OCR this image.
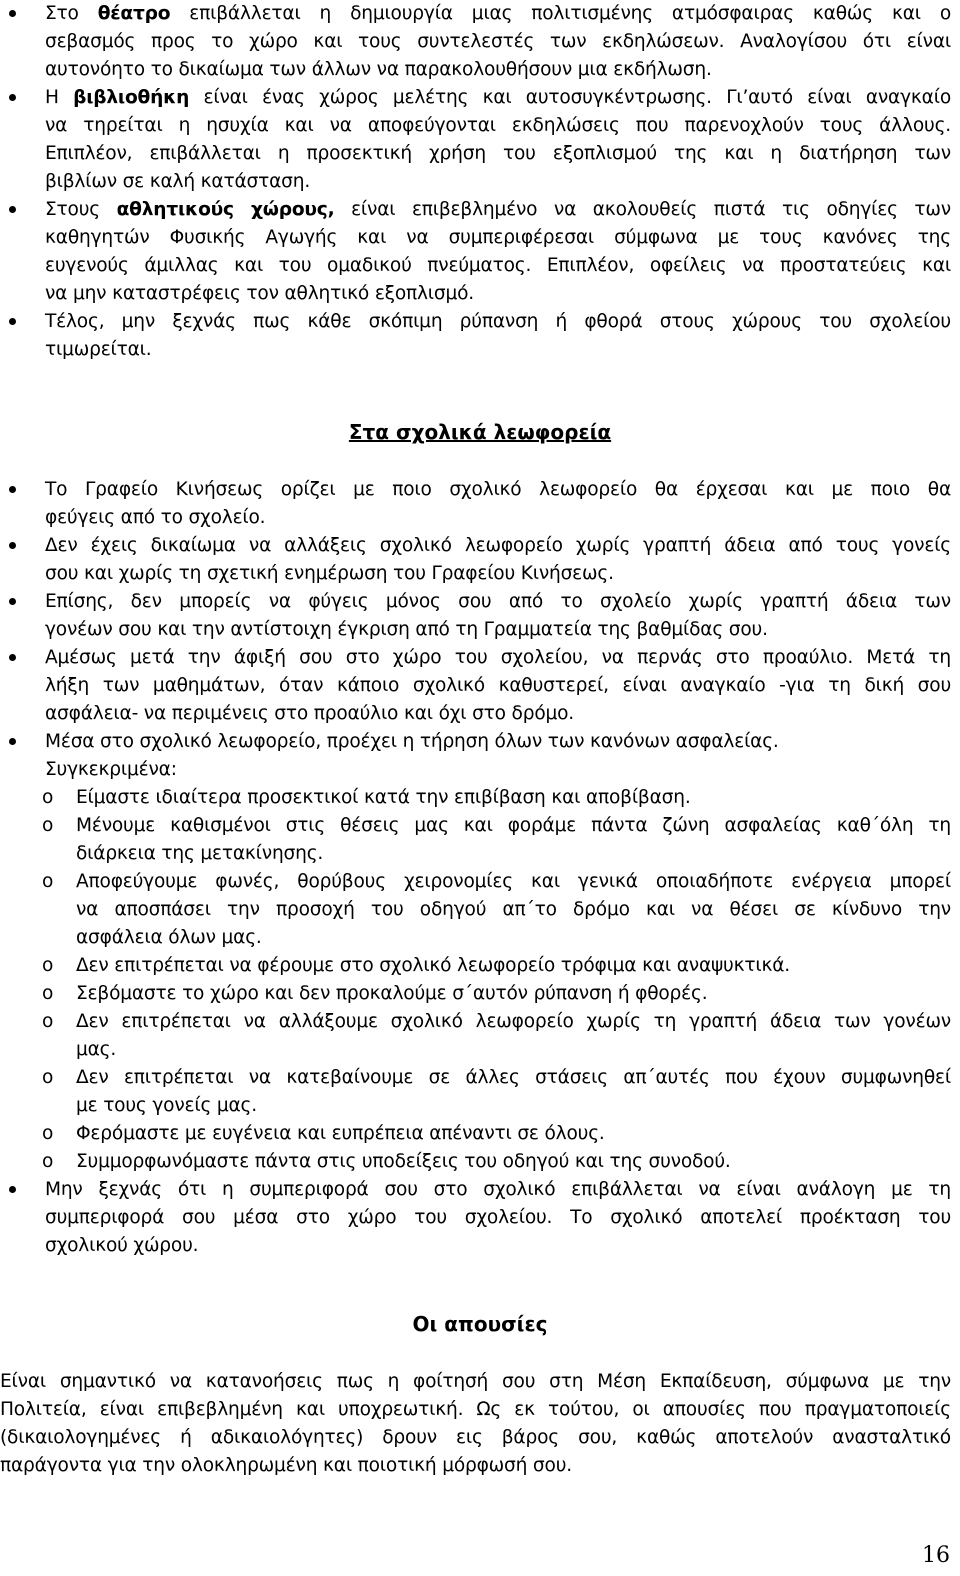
Στο θέατρο επιβάλλεται η δημιουργία μιας πολιτισμένης ατμόσφαιρας καθώς και ο
σεβασμός προς το χώρο και τους συντελεστές των εκδηλώσεων. Αναλογίσου ότι είναι
αυτονόητο το δικαίωμα των άλλων να παρακολουθήσουν μια εκδήλωση.
Η βιβλιοθήκη είναι ένας χώρος μελέτης και αυτοσυγκέντρωσης. Γι’αυτό είναι αναγκαίο
να τηρείται η ησυχία και να αποφεύγονται εκδηλώσεις που παρενοχλούν τους άλλους.
Επιπλέον, επιβάλλεται η προσεκτική χρήση του εξοπλισμού της και η διατήρηση των
βιβλίων σε καλή κατάσταση.
Στους αθλητικούς χώρους, είναι επιβεβλημένο να ακολουθείς πιστά τις οδηγίες των
καθηγητών Φυσικής Αγωγής και να συμπεριφέρεσαι σύμφωνα με τους κανόνες της
ευγενούς άμιλλας και του ομαδικού πνεύματος. Επιπλέον, οφείλεις να προστατεύεις και
να μην καταστρέφεις τον αθλητικό εξοπλισμό.
Τέλος, μην ξεχνάς πως κάθε σκόπιμη ρύπανση ή φθορά στους χώρους του σχολείου
τιμωρείται.
Στα σχολικά λεωφορεία
Το Γραφείο Κινήσεως ορίζει με ποιο σχολικό λεωφορείο θα έρχεσαι και με ποιο θα
φεύγεις από το σχολείο.
Δεν έχεις δικαίωμα να αλλάξεις σχολικό λεωφορείο χωρίς γραπτή άδεια από τους γονείς
σου και χωρίς τη σχετική ενημέρωση του Γραφείου Κινήσεως.
Επίσης, δεν μπορείς να φύγεις μόνος σου από το σχολείο χωρίς γραπτή άδεια των
γονέων σου και την αντίστοιχη έγκριση από τη Γραμματεία της βαθμίδας σου.
Αμέσως μετά την άφιξή σου στο χώρο του σχολείου, να περνάς στο προαύλιο. Μετά τη
λήξη των μαθημάτων, όταν κάποιο σχολικό καθυστερεί, είναι αναγκαίο -για τη δική σου
ασφάλεια- να περιμένεις στο προαύλιο και όχι στο δρόμο.
Μέσα στο σχολικό λεωφορείο, προέχει η τήρηση όλων των κανόνων ασφαλείας.
Συγκεκριμένα:
o Είμαστε ιδιαίτερα προσεκτικοί κατά την επιβίβαση και αποβίβαση.
o Μένουμε καθισμένοι στις θέσεις μας και φοράμε πάντα ζώνη ασφαλείας καθ΄όλη τη
διάρκεια της μετακίνησης.
o Αποφεύγουμε φωνές, θορύβους χειρονομίες και γενικά οποιαδήποτε ενέργεια μπορεί
να αποσπάσει την προσοχή του οδηγού απ΄το δρόμο και να θέσει σε κίνδυνο την
ασφάλεια όλων μας.
o Δεν επιτρέπεται να φέρουμε στο σχολικό λεωφορείο τρόφιμα και αναψυκτικά.
o Σεβόμαστε το χώρο και δεν προκαλούμε σ΄αυτόν ρύπανση ή φθορές.
o Δεν επιτρέπεται να αλλάξουμε σχολικό λεωφορείο χωρίς τη γραπτή άδεια των γονέων
μας.
o Δεν επιτρέπεται να κατεβαίνουμε σε άλλες στάσεις απ΄αυτές που έχουν συμφωνηθεί
με τους γονείς μας.
o Φερόμαστε με ευγένεια και ευπρέπεια απέναντι σε όλους.
o Συμμορφωνόμαστε πάντα στις υποδείξεις του οδηγού και της συνοδού.
Μην ξεχνάς ότι η συμπεριφορά σου στο σχολικό επιβάλλεται να είναι ανάλογη με τη
συμπεριφορά σου μέσα στο χώρο του σχολείου. Το σχολικό αποτελεί προέκταση του
σχολικού χώρου.
Οι απουσίες
Είναι σημαντικό να κατανοήσεις πως η φοίτησή σου στη Μέση Εκπαίδευση, σύμφωνα με την
Πολιτεία, είναι επιβεβλημένη και υποχρεωτική. Ως εκ τούτου, οι απουσίες που πραγματοποιείς
(δικαιολογημένες ή αδικαιολόγητες) δρουν εις βάρος σου, καθώς αποτελούν ανασταλτικό
παράγοντα για την ολοκληρωμένη και ποιοτική μόρφωσή σου.
16
